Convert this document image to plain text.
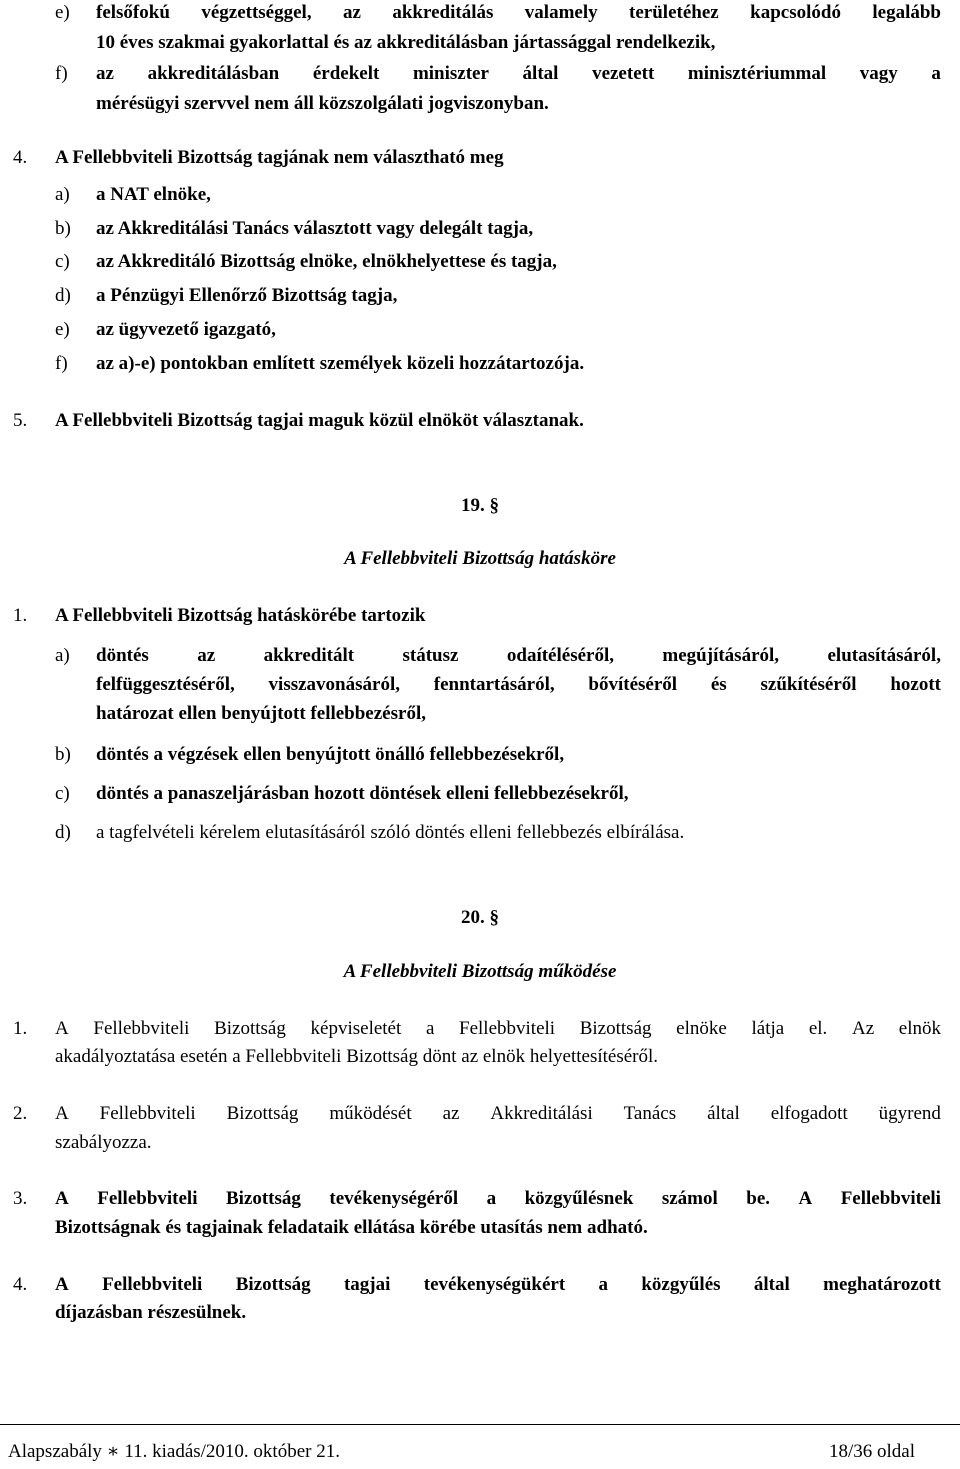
e) felsőfokú végzettséggel, az akkreditálás valamely területéhez kapcsolódó legalább
10 éves szakmai gyakorlattal és az akkreditálásban jártassággal rendelkezik,
f) az akkreditálásban érdekelt miniszter által vezetett minisztériummal vagy a
mérésügyi szervvel nem áll közszolgálati jogviszonyban.
4. A Fellebbviteli Bizottság tagjának nem választható meg
a) a NAT elnöke,
b) az Akkreditálási Tanács választott vagy delegált tagja,
c) az Akkreditáló Bizottság elnöke, elnökhelyettese és tagja,
d) a Pénzügyi Ellenőrző Bizottság tagja,
e) az ügyvezető igazgató,
f) az a)-e) pontokban említett személyek közeli hozzátartozója.
5. A Fellebbviteli Bizottság tagjai maguk közül elnököt választanak.
19. §
A Fellebbviteli Bizottság hatásköre
1. A Fellebbviteli Bizottság hatáskörébe tartozik
a) döntés	az	akkreditált	státusz	odaítéléséről,	megújításáról,	elutasításáról,
felfüggesztéséről, visszavonásáról, fenntartásáról, bővítéséről és szűkítéséről hozott
határozat ellen benyújtott fellebbezésről,
b) döntés a végzések ellen benyújtott önálló fellebbezésekről,
c) döntés a panaszeljárásban hozott döntések elleni fellebbezésekről,
d) a tagfelvételi kérelem elutasításáról szóló döntés elleni fellebbezés elbírálása.
20. §
A Fellebbviteli Bizottság működése
1. A Fellebbviteli Bizottság képviseletét a Fellebbviteli Bizottság elnöke látja el. Az elnök
akadályoztatása esetén a Fellebbviteli Bizottság dönt az elnök helyettesítéséről.
2. A Fellebbviteli Bizottság működését az Akkreditálási Tanács által elfogadott ügyrend
szabályozza.
3. A Fellebbviteli Bizottság tevékenységéről a közgyűlésnek számol be. A Fellebbviteli
Bizottságnak és tagjainak feladataik ellátása körébe utasítás nem adható.
4. A Fellebbviteli Bizottság tagjai tevékenységükért a közgyűlés által meghatározott
díjazásban részesülnek.
Alapszabály ∗ 11. kiadás/2010. október 21.	18/36 oldal
